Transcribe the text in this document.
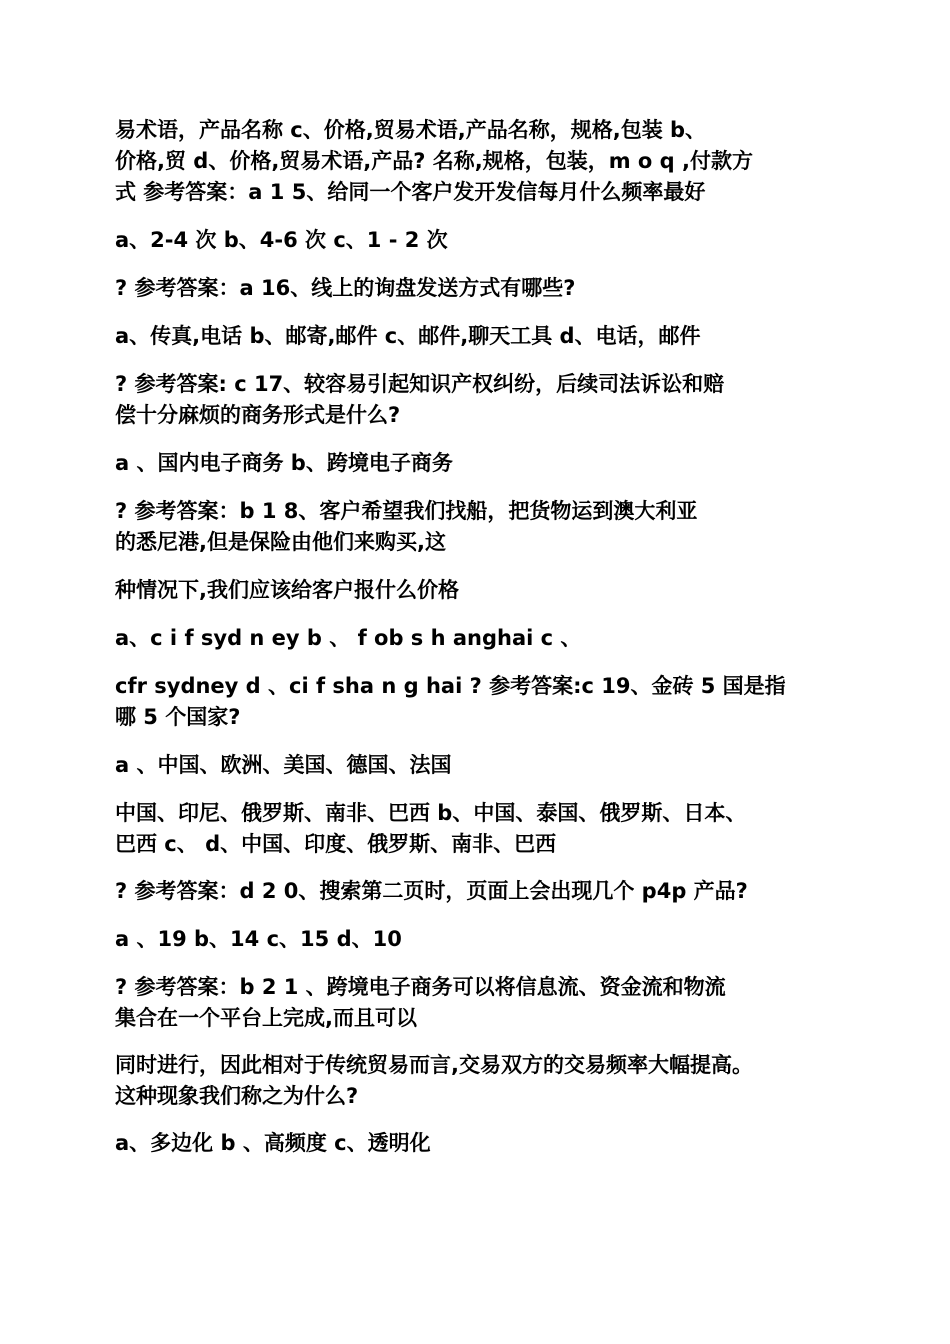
易术语，产品名称 c、价格,贸易术语,产品名称，规格,包装 b、
价格,贸 d、价格,贸易术语,产品? 名称,规格，包装，m o q ,付款方
式 参考答案：a 1 5、给同一个客户发开发信每月什么频率最好
a、2-4 次 b、4-6 次 c、1 - 2 次
? 参考答案：a 16、线上的询盘发送方式有哪些?
a、传真,电话 b、邮寄,邮件 c、邮件,聊天工具 d、电话，邮件
? 参考答案: c 17、较容易引起知识产权纠纷，后续司法诉讼和赔
偿十分麻烦的商务形式是什么?
a 、国内电子商务 b、跨境电子商务
? 参考答案：b 1 8、客户希望我们找船，把货物运到澳大利亚
的悉尼港,但是保险由他们来购买,这
种情况下,我们应该给客户报什么价格
a、c i f syd n ey b 、 f ob s h anghai c 、
cfr sydney d 、ci f sha n g hai ? 参考答案:c 19、金砖 5 国是指
哪 5 个国家?
a 、中国、欧洲、美国、德国、法国
中国、印尼、俄罗斯、南非、巴西 b、中国、泰国、俄罗斯、日本、
巴西 c、 d、中国、印度、俄罗斯、南非、巴西
? 参考答案：d 2 0、搜索第二页时，页面上会出现几个 p4p 产品?
a 、19 b、14 c、15 d、10
? 参考答案：b 2 1 、跨境电子商务可以将信息流、资金流和物流
集合在一个平台上完成,而且可以
同时进行，因此相对于传统贸易而言,交易双方的交易频率大幅提高。
这种现象我们称之为什么?
a、多边化 b 、高频度 c、透明化
